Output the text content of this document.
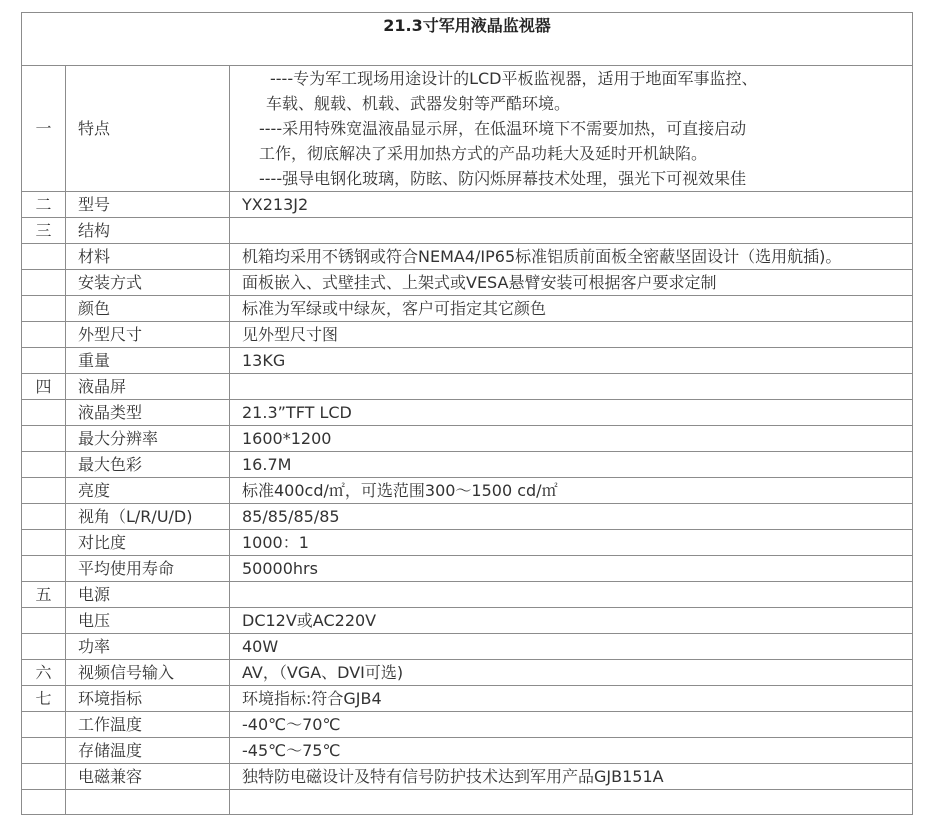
21.3寸军用液晶监视器		
一	特点	----专为军工现场用途设计的LCD平板监视器，适用于地面军事监控、
车载、舰载、机载、武器发射等严酷环境。
----采用特殊宽温液晶显示屏，在低温环境下不需要加热，可直接启动
工作，彻底解决了采用加热方式的产品功耗大及延时开机缺陷。
----强导电钢化玻璃，防眩、防闪烁屏幕技术处理，强光下可视效果佳

二	型号	YX213J2
三	结构	
	材料	机箱均采用不锈钢或符合NEMA4/IP65标准铝质前面板全密蔽坚固设计（选用航插)。
	安装方式	面板嵌入、式壁挂式、上架式或VESA悬臂安装可根据客户要求定制
	颜色	标准为军绿或中绿灰，客户可指定其它颜色
	外型尺寸	见外型尺寸图
	重量	13KG
四	液晶屏	
	液晶类型	21.3”TFT LCD
	最大分辨率	1600*1200
	最大色彩	16.7M
	亮度	标准400cd/㎡，可选范围300～1500 cd/㎡
	视角（L/R/U/D)	85/85/85/85
	对比度	1000：1
	平均使用寿命	50000hrs
五	电源	
	电压	DC12V或AC220V
	功率	40W
六	视频信号输入	AV，（VGA、DVI可选)
七	环境指标	环境指标:符合GJB4
	工作温度	-40℃～70℃
	存储温度	-45℃～75℃
	电磁兼容	独特防电磁设计及特有信号防护技术达到军用产品GJB151A
